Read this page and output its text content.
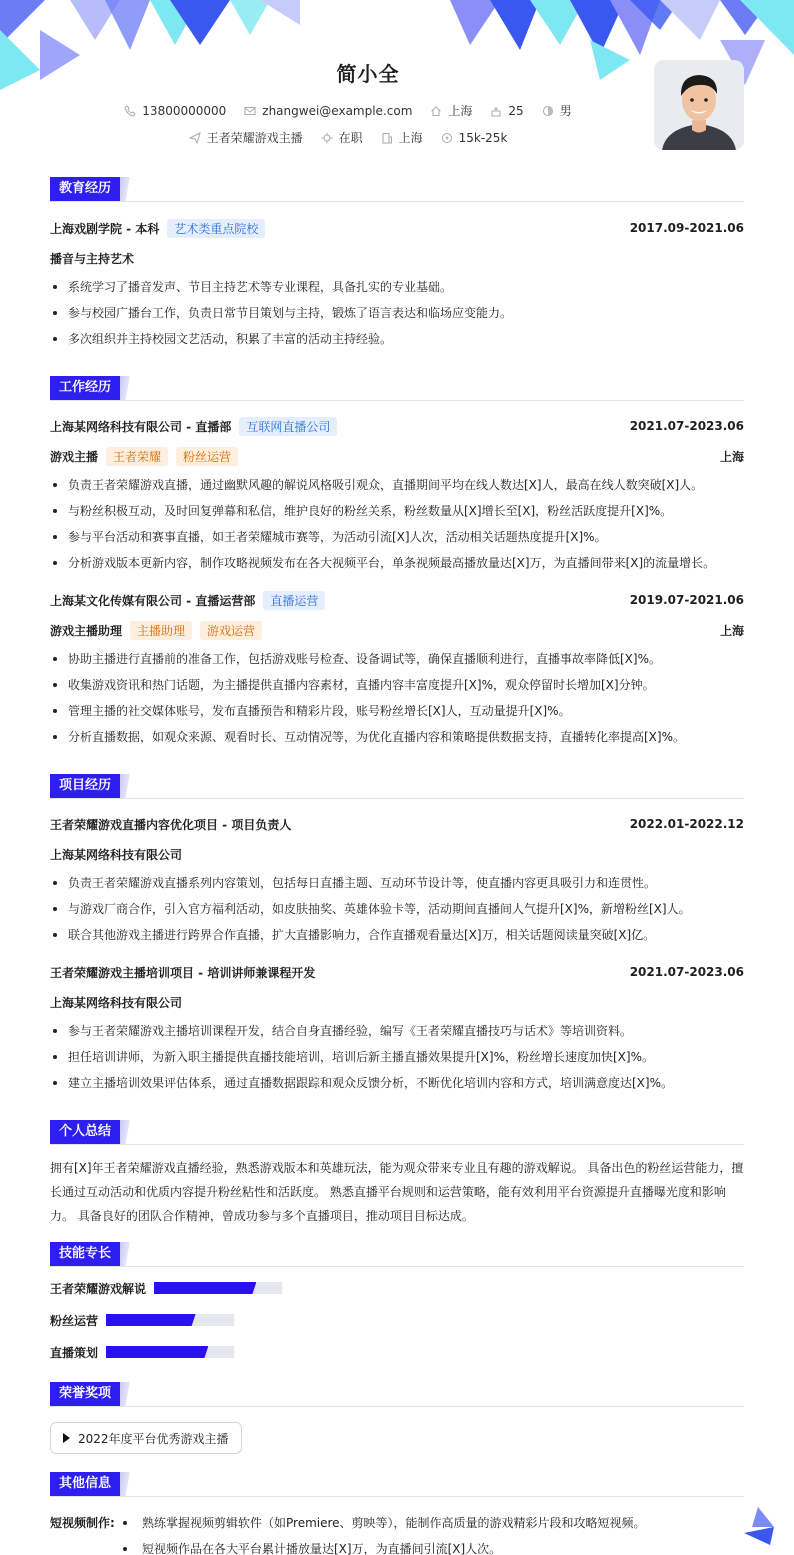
简小全
13800000000	zhangwei@example.com	上海	25	男
王者荣耀游戏主播	在职	上海	15k-25k
教育经历
上海戏剧学院 - 本科	艺术类重点院校	2017.09-2021.06
播音与主持艺术
系统学习了播音发声、节目主持艺术等专业课程，具备扎实的专业基础。
参与校园广播台工作，负责日常节目策划与主持，锻炼了语言表达和临场应变能力。
多次组织并主持校园文艺活动，积累了丰富的活动主持经验。
工作经历
上海某网络科技有限公司 - 直播部	互联网直播公司	2021.07-2023.06
游戏主播	王者荣耀	粉丝运营	上海
负责王者荣耀游戏直播，通过幽默风趣的解说风格吸引观众，直播期间平均在线人数达[X]人，最高在线人数突破[X]人。
与粉丝积极互动，及时回复弹幕和私信，维护良好的粉丝关系，粉丝数量从[X]增长至[X]，粉丝活跃度提升[X]%。
参与平台活动和赛事直播，如王者荣耀城市赛等，为活动引流[X]人次，活动相关话题热度提升[X]%。
分析游戏版本更新内容，制作攻略视频发布在各大视频平台，单条视频最高播放量达[X]万，为直播间带来[X]的流量增长。
上海某文化传媒有限公司 - 直播运营部	直播运营	2019.07-2021.06
游戏主播助理	主播助理	游戏运营	上海
协助主播进行直播前的准备工作，包括游戏账号检查、设备调试等，确保直播顺利进行，直播事故率降低[X]%。
收集游戏资讯和热门话题，为主播提供直播内容素材，直播内容丰富度提升[X]%，观众停留时长增加[X]分钟。
管理主播的社交媒体账号，发布直播预告和精彩片段，账号粉丝增长[X]人，互动量提升[X]%。
分析直播数据，如观众来源、观看时长、互动情况等，为优化直播内容和策略提供数据支持，直播转化率提高[X]%。
项目经历
王者荣耀游戏直播内容优化项目 - 项目负责人	2022.01-2022.12
上海某网络科技有限公司
负责王者荣耀游戏直播系列内容策划，包括每日直播主题、互动环节设计等，使直播内容更具吸引力和连贯性。
与游戏厂商合作，引入官方福利活动，如皮肤抽奖、英雄体验卡等，活动期间直播间人气提升[X]%，新增粉丝[X]人。
联合其他游戏主播进行跨界合作直播，扩大直播影响力，合作直播观看量达[X]万，相关话题阅读量突破[X]亿。
王者荣耀游戏主播培训项目 - 培训讲师兼课程开发	2021.07-2023.06
上海某网络科技有限公司
参与王者荣耀游戏主播培训课程开发，结合自身直播经验，编写《王者荣耀直播技巧与话术》等培训资料。
担任培训讲师，为新入职主播提供直播技能培训，培训后新主播直播效果提升[X]%，粉丝增长速度加快[X]%。
建立主播培训效果评估体系，通过直播数据跟踪和观众反馈分析，不断优化培训内容和方式，培训满意度达[X]%。
个人总结

拥有[X]年王者荣耀游戏直播经验，熟悉游戏版本和英雄玩法，能为观众带来专业且有趣的游戏解说。 具备出色的粉丝运营能力，擅长通过互动活动和优质内容提升粉丝粘性和活跃度。 熟悉直播平台规则和运营策略，能有效利用平台资源提升直播曝光度和影响力。 具备良好的团队合作精神，曾成功参与多个直播项目，推动项目目标达成。

技能专长
王者荣耀游戏解说
粉丝运营
直播策划
荣誉奖项
2022年度平台优秀游戏主播
其他信息
短视频制作:	熟练掌握视频剪辑软件（如Premiere、剪映等），能制作高质量的游戏精彩片段和攻略短视频。
短视频作品在各大平台累计播放量达[X]万，为直播间引流[X]人次。
